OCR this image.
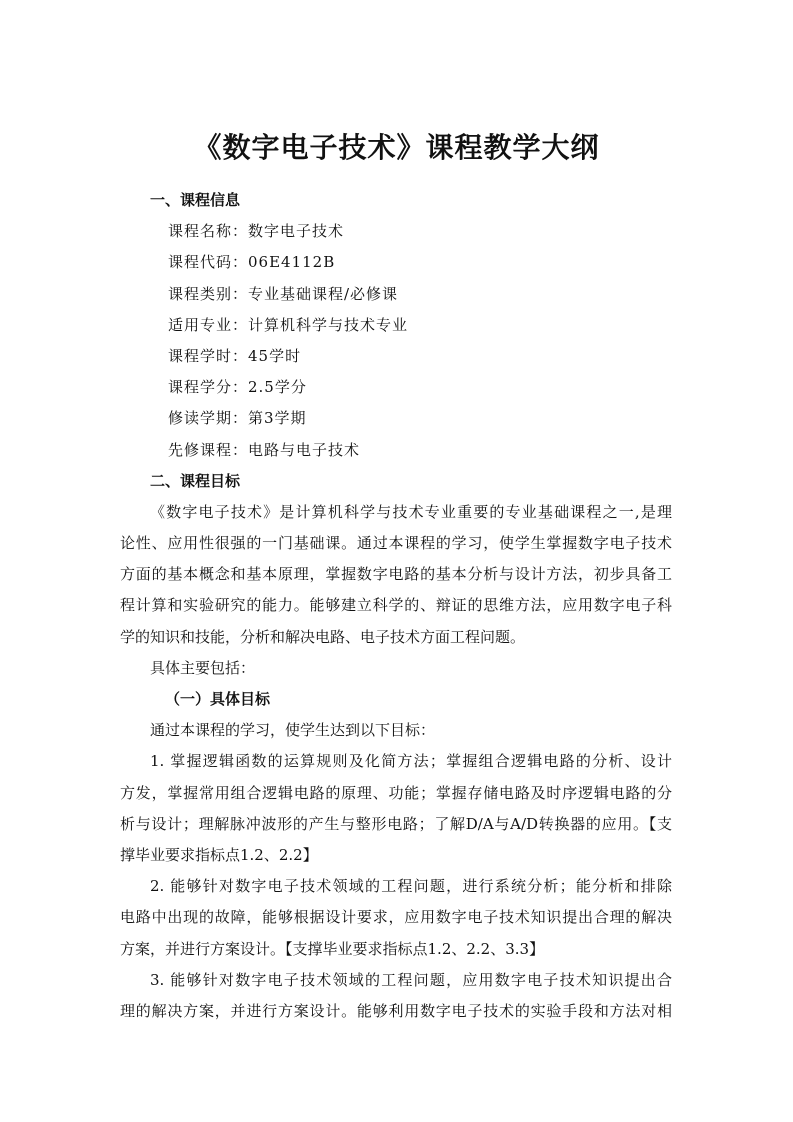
《数字电子技术》课程教学大纲
一、课程信息
课程名称：数字电子技术
课程代码：06E4112B
课程类别：专业基础课程/必修课
适用专业：计算机科学与技术专业
课程学时：45学时
课程学分：2.5学分
修读学期：第3学期
先修课程：电路与电子技术
二、课程目标
《数字电子技术》是计算机科学与技术专业重要的专业基础课程之一,是理
论性、应用性很强的一门基础课。通过本课程的学习，使学生掌握数字电子技术
方面的基本概念和基本原理，掌握数字电路的基本分析与设计方法，初步具备工
程计算和实验研究的能力。能够建立科学的、辩证的思维方法，应用数字电子科
学的知识和技能，分析和解决电路、电子技术方面工程问题。
具体主要包括：
（一）具体目标
通过本课程的学习，使学生达到以下目标：
1. 掌握逻辑函数的运算规则及化简方法；掌握组合逻辑电路的分析、设计
方发，掌握常用组合逻辑电路的原理、功能；掌握存储电路及时序逻辑电路的分
析与设计；理解脉冲波形的产生与整形电路；了解D/A与A/D转换器的应用。【支
撑毕业要求指标点1.2、2.2】
2. 能够针对数字电子技术领域的工程问题，进行系统分析；能分析和排除
电路中出现的故障，能够根据设计要求，应用数字电子技术知识提出合理的解决
方案，并进行方案设计。【支撑毕业要求指标点1.2、2.2、3.3】
3. 能够针对数字电子技术领域的工程问题，应用数字电子技术知识提出合
理的解决方案，并进行方案设计。能够利用数字电子技术的实验手段和方法对相
